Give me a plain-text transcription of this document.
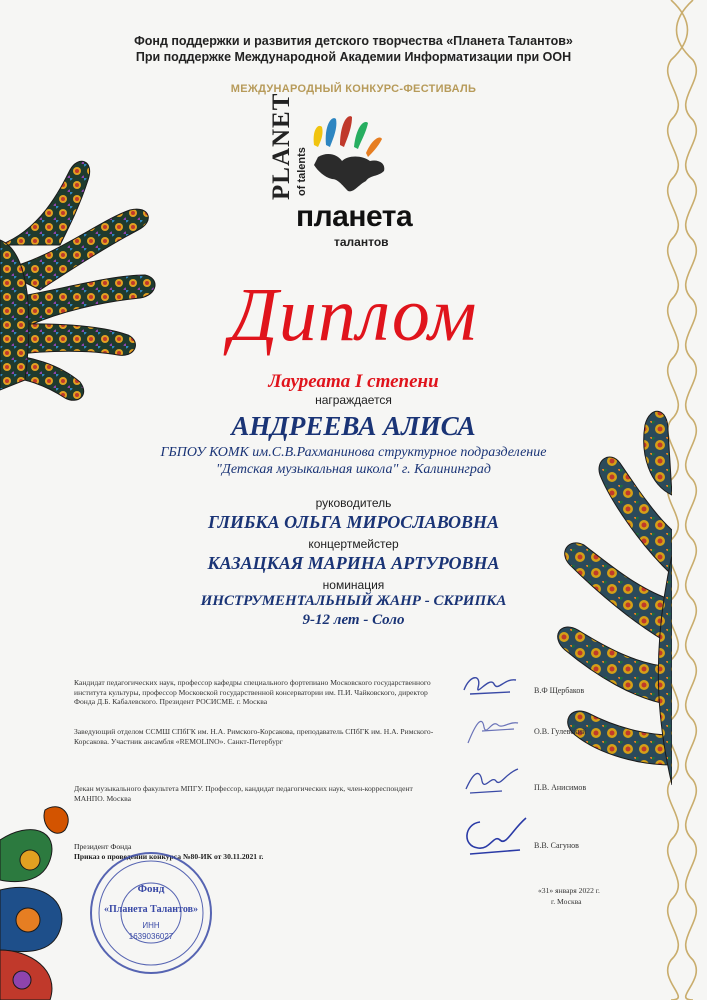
Фонд поддержки и развития детского творчества «Планета Талантов»
При поддержке Международной Академии Информатизации при ООН
МЕЖДУНАРОДНЫЙ КОНКУРС-ФЕСТИВАЛЬ
PLANET of talents
планета
талантов
Диплом
Лауреата I степени
награждается
АНДРЕЕВА АЛИСА
ГБПОУ КОМК им.С.В.Рахманинова структурное подразделение
"Детская музыкальная школа" г. Калининград
руководитель
ГЛИБКА ОЛЬГА МИРОСЛАВОВНА
концертмейстер
КАЗАЦКАЯ МАРИНА АРТУРОВНА
номинация
ИНСТРУМЕНТАЛЬНЫЙ ЖАНР - СКРИПКА
9-12 лет - Соло
Кандидат педагогических наук, профессор кафедры специального фортепиано Московского государственного института культуры, профессор Московской государственной консерватории им. П.И. Чайковского, директор Фонда Д.Б. Кабалевского. Президент РОСИСМЕ. г. Москва
В.Ф Щербаков
Заведующий отделом ССМШ СПбГК им. Н.А. Римского-Корсакова, преподаватель СПбГК им. Н.А. Римского-Корсакова. Участник ансамбля «REMOLINO». Санкт-Петербург
О.В. Гулевский
Декан музыкального факультета МПГУ. Профессор, кандидат педагогических наук, член-корреспондент МАНПО. Москва
П.В. Анисимов
В.В. Сагунов
Президент Фонда
Приказ о проведении конкурса №80-ИК от 30.11.2021 г.
«31» января 2022 г.
г. Москва
Фонд
«Планета Талантов»
ИНН
1639036027
